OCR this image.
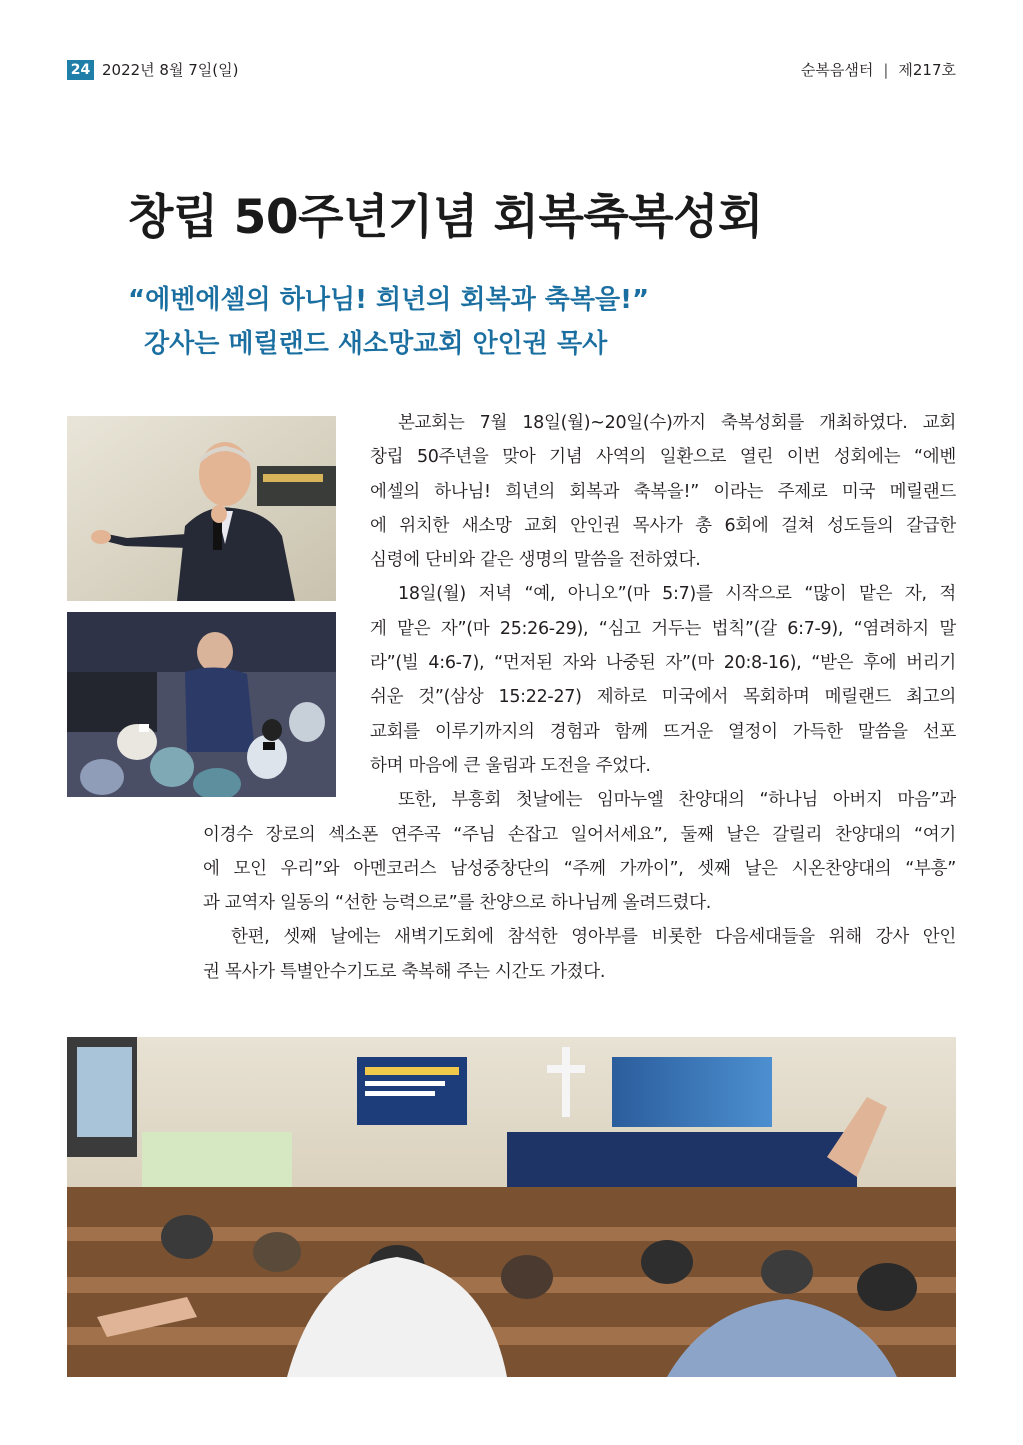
24 2022년 8월 7일(일)	순복음샘터 | 제217호
창립 50주년기념 회복축복성회
“에벤에셀의 하나님! 희년의 회복과 축복을!”
강사는 메릴랜드 새소망교회 안인권 목사
본교회는 7월 18일(월)~20일(수)까지 축복성회를 개최하였다. 교회
창립 50주년을 맞아 기념 사역의 일환으로 열린 이번 성회에는 “에벤
에셀의 하나님! 희년의 회복과 축복을!” 이라는 주제로 미국 메릴랜드
에 위치한 새소망 교회 안인권 목사가 총 6회에 걸쳐 성도들의 갈급한
심령에 단비와 같은 생명의 말씀을 전하였다.
18일(월) 저녁 “예, 아니오”(마 5:7)를 시작으로 “많이 맡은 자, 적
게 맡은 자”(마 25:26-29), “심고 거두는 법칙”(갈 6:7-9), “염려하지 말
라”(빌 4:6-7), “먼저된 자와 나중된 자”(마 20:8-16), “받은 후에 버리기
쉬운 것”(삼상 15:22-27) 제하로 미국에서 목회하며 메릴랜드 최고의
교회를 이루기까지의 경험과 함께 뜨거운 열정이 가득한 말씀을 선포
하며 마음에 큰 울림과 도전을 주었다.
또한, 부흥회 첫날에는 임마누엘 찬양대의 “하나님 아버지 마음”과
이경수 장로의 섹소폰 연주곡 “주님 손잡고 일어서세요”, 둘째 날은 갈릴리 찬양대의 “여기
에 모인 우리”와 아멘코러스 남성중창단의 “주께 가까이”, 셋째 날은 시온찬양대의 “부흥”
과 교역자 일동의 “선한 능력으로”를 찬양으로 하나님께 올려드렸다.
한편, 셋째 날에는 새벽기도회에 참석한 영아부를 비롯한 다음세대들을 위해 강사 안인
권 목사가 특별안수기도로 축복해 주는 시간도 가졌다.
